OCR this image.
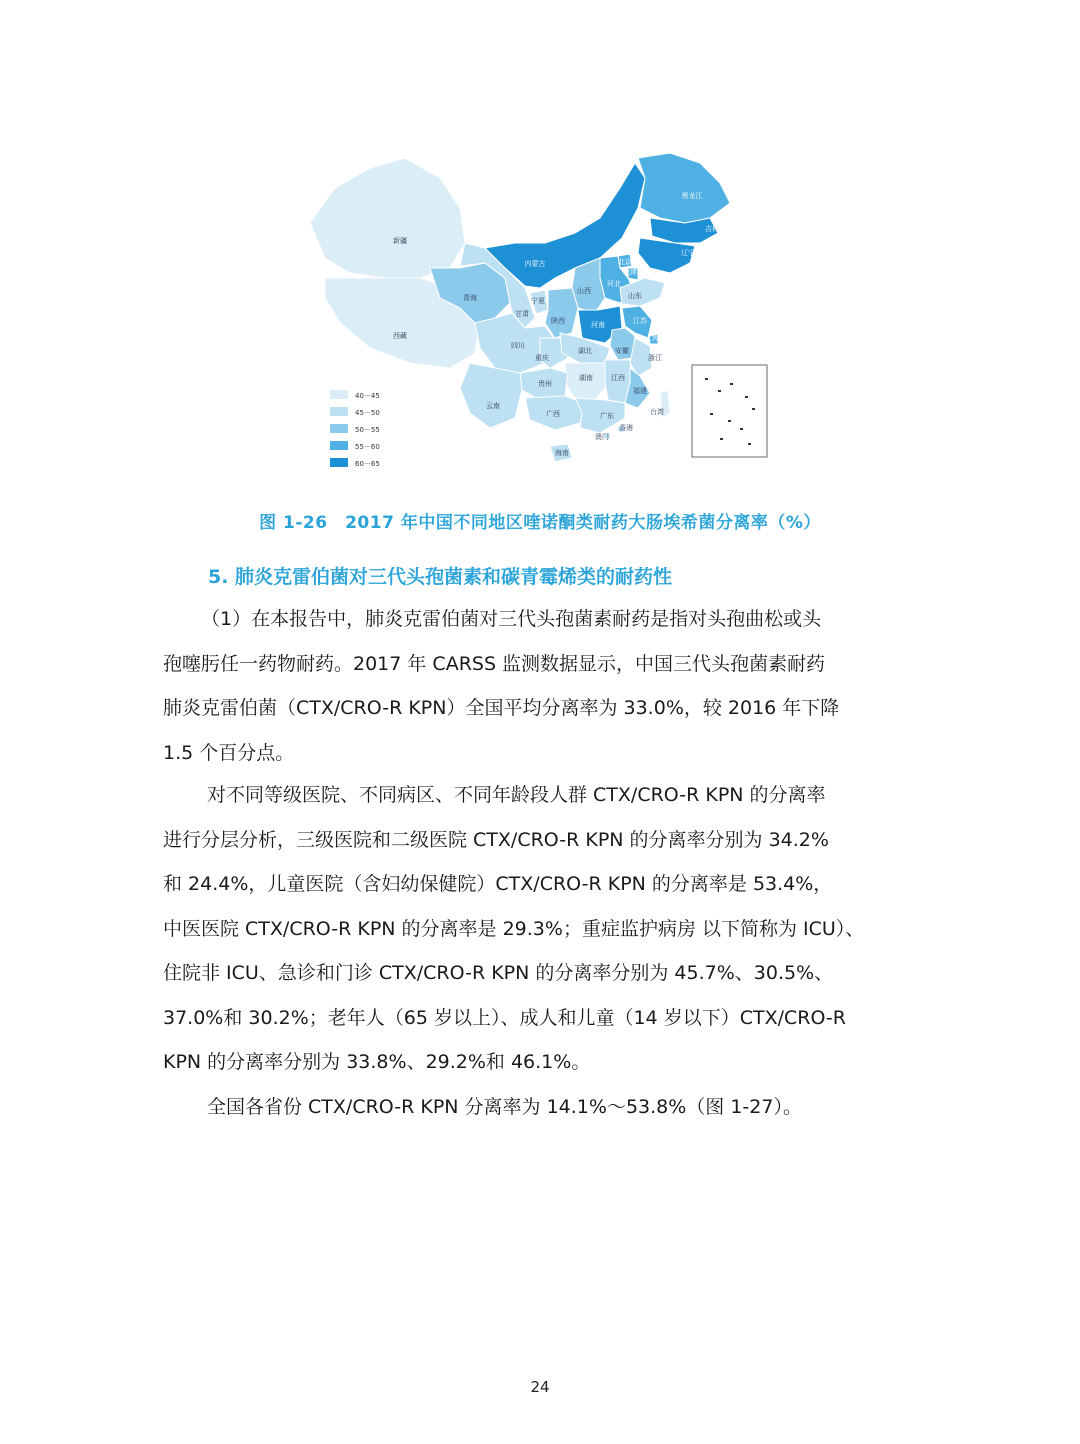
新疆
西藏
青海
甘肃
宁夏
内蒙古
黑龙江
吉林
辽宁
北京
天津
河北
山西
陕西
山东
河南	江苏
上海
安徽
浙江
四川
重庆
湖北
湖南	江西
福建
贵州
云南
广西	广东
海南
台湾
香港
澳门
40－45
45－50
50－55
55－60
60－65
图 1-26　2017 年中国不同地区喹诺酮类耐药大肠埃希菌分离率（%）
5. 肺炎克雷伯菌对三代头孢菌素和碳青霉烯类的耐药性
（1）在本报告中，肺炎克雷伯菌对三代头孢菌素耐药是指对头孢曲松或头
孢噻肟任一药物耐药。2017 年 CARSS 监测数据显示，中国三代头孢菌素耐药
肺炎克雷伯菌（CTX/CRO-R KPN）全国平均分离率为 33.0%，较 2016 年下降
1.5 个百分点。
对不同等级医院、不同病区、不同年龄段人群 CTX/CRO-R KPN 的分离率
进行分层分析，三级医院和二级医院 CTX/CRO-R KPN 的分离率分别为 34.2%
和 24.4%，儿童医院（含妇幼保健院）CTX/CRO-R KPN 的分离率是 53.4%，
中医医院 CTX/CRO-R KPN 的分离率是 29.3%；重症监护病房 以下简称为 ICU）、
住院非 ICU、急诊和门诊 CTX/CRO-R KPN 的分离率分别为 45.7%、30.5%、
37.0%和 30.2%；老年人（65 岁以上）、成人和儿童（14 岁以下）CTX/CRO-R
KPN 的分离率分别为 33.8%、29.2%和 46.1%。
全国各省份 CTX/CRO-R KPN 分离率为 14.1%～53.8%（图 1-27）。
24
